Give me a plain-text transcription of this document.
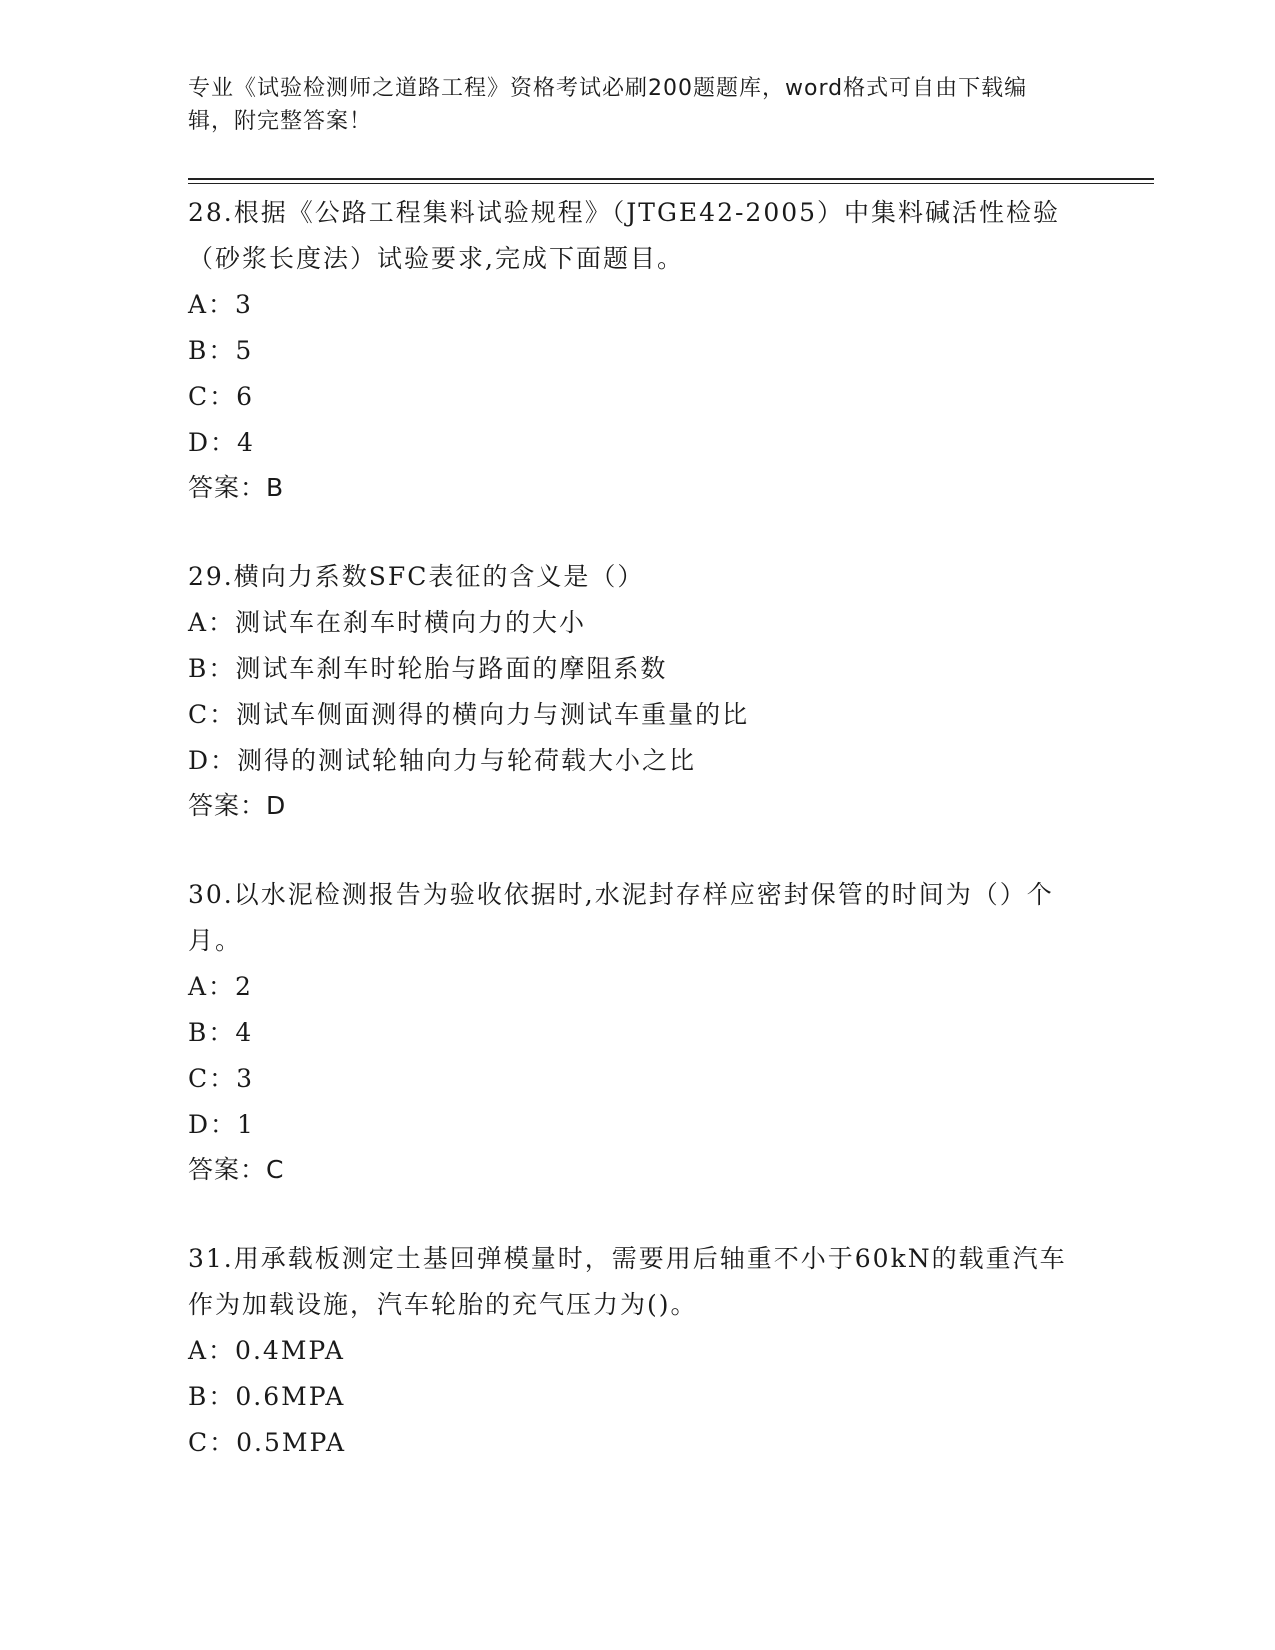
专业《试验检测师之道路工程》资格考试必刷200题题库，word格式可自由下载编辑，附完整答案！
28.根据《公路工程集料试验规程》（JTGE42-2005）中集料碱活性检验（砂浆长度法）试验要求,完成下面题目。
A：3
B：5
C：6
D：4
答案：B
29.横向力系数SFC表征的含义是（）
A：测试车在刹车时横向力的大小
B：测试车刹车时轮胎与路面的摩阻系数
C：测试车侧面测得的横向力与测试车重量的比
D：测得的测试轮轴向力与轮荷载大小之比
答案：D
30.以水泥检测报告为验收依据时,水泥封存样应密封保管的时间为（）个月。
A：2
B：4
C：3
D：1
答案：C
31.用承载板测定土基回弹模量时，需要用后轴重不小于60kN的载重汽车作为加载设施，汽车轮胎的充气压力为()。
A：0.4MPA
B：0.6MPA
C：0.5MPA
